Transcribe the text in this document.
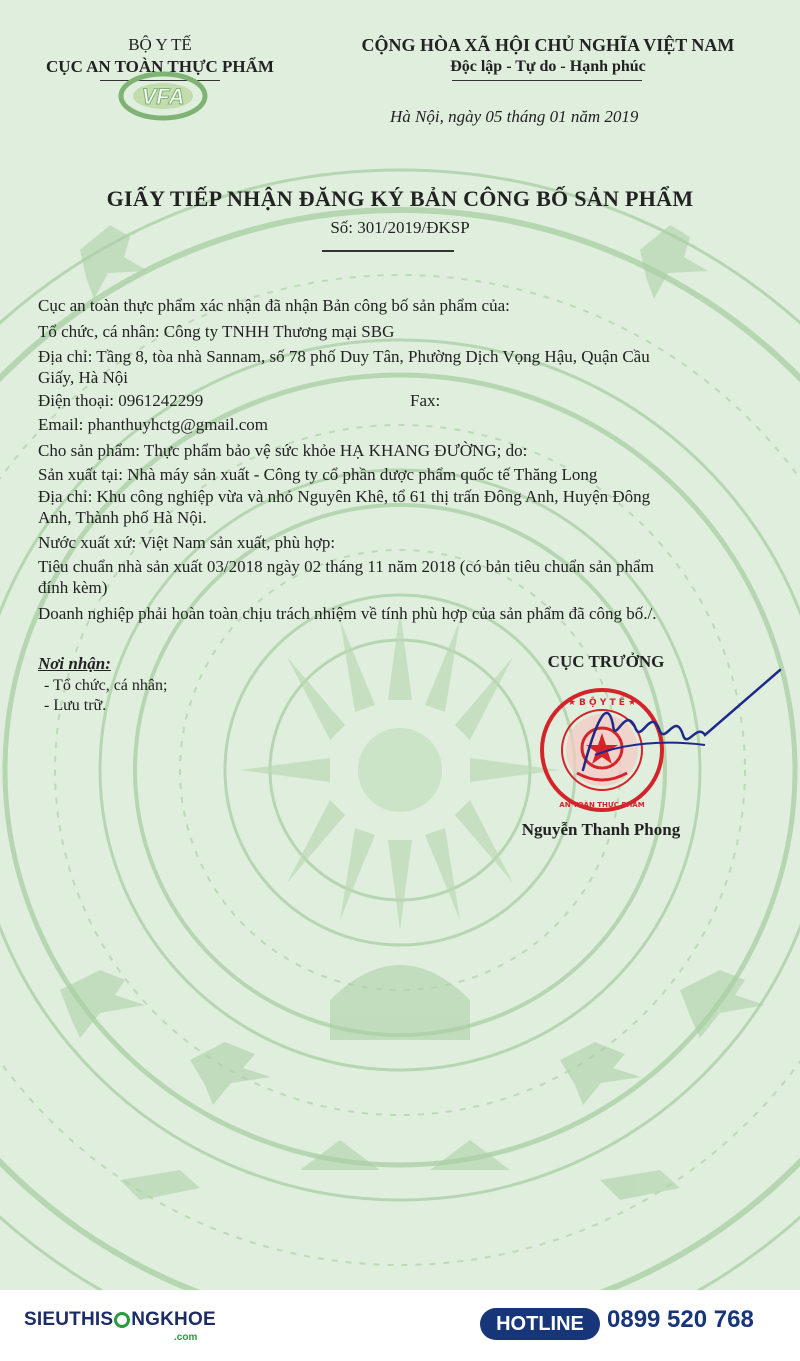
BỘ Y TẾ
CỤC AN TOÀN THỰC PHẨM
VFA
CỘNG HÒA XÃ HỘI CHỦ NGHĨA VIỆT NAM
Độc lập - Tự do - Hạnh phúc
Hà Nội, ngày 05 tháng 01 năm 2019
GIẤY TIẾP NHẬN ĐĂNG KÝ BẢN CÔNG BỐ SẢN PHẨM
Số: 301/2019/ĐKSP
Cục an toàn thực phẩm xác nhận đã nhận Bản công bố sản phẩm của:
Tổ chức, cá nhân: Công ty TNHH Thương mại SBG
Địa chỉ: Tầng 8, tòa nhà Sannam, số 78 phố Duy Tân, Phường Dịch Vọng Hậu, Quận Cầu
Giấy, Hà Nội
Điện thoại: 0961242299	Fax:
Email: phanthuyhctg@gmail.com
Cho sản phẩm: Thực phẩm bảo vệ sức khỏe HẠ KHANG ĐƯỜNG; do:
Sản xuất tại: Nhà máy sản xuất - Công ty cổ phần dược phẩm quốc tế Thăng Long
Địa chỉ: Khu công nghiệp vừa và nhỏ Nguyên Khê, tổ 61 thị trấn Đông Anh, Huyện Đông
Anh, Thành phố Hà Nội.
Nước xuất xứ: Việt Nam sản xuất, phù hợp:
Tiêu chuẩn nhà sản xuất 03/2018 ngày 02 tháng 11 năm 2018 (có bản tiêu chuẩn sản phẩm
đính kèm)
Doanh nghiệp phải hoàn toàn chịu trách nhiệm về tính phù hợp của sản phẩm đã công bố./.
Nơi nhận:
- Tổ chức, cá nhân;
- Lưu trữ.
CỤC TRƯỞNG
★ B Ộ Y T Ế ★
AN TOÀN THỰC PHẨM
Nguyễn Thanh Phong
SIEUTHIS NGKHOE
.com
HOTLINE 0899 520 768
